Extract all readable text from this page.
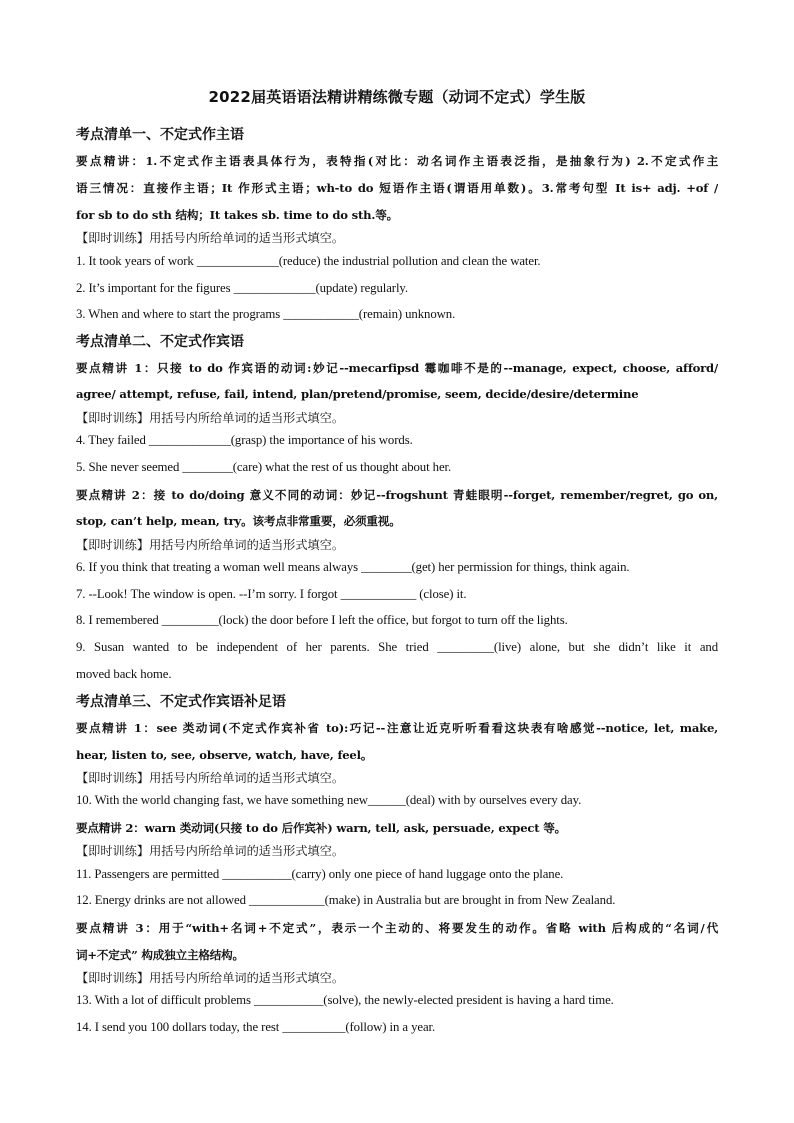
2022届英语语法精讲精练微专题（动词不定式）学生版
考点清单一、不定式作主语
要点精讲：1.不定式作主语表具体行为，表特指(对比：动名词作主语表泛指，是抽象行为) 2.不定式作主
语三情况：直接作主语；It 作形式主语；wh-to do 短语作主语(谓语用单数)。3.常考句型 It is+ adj. +of /
for sb to do sth 结构；It takes sb. time to do sth.等。
【即时训练】用括号内所给单词的适当形式填空。
1. It took years of work _____________(reduce) the industrial pollution and clean the water.
2. It’s important for the figures _____________(update) regularly.
3. When and where to start the programs ____________(remain) unknown.
考点清单二、不定式作宾语
要点精讲 1：只接 to do 作宾语的动词:妙记--mecarfipsd 霉咖啡不是的--manage, expect, choose, afford/
agree/ attempt, refuse, fail, intend, plan/pretend/promise, seem, decide/desire/determine
【即时训练】用括号内所给单词的适当形式填空。
4. They failed _____________(grasp) the importance of his words.
5. She never seemed ________(care) what the rest of us thought about her.
要点精讲 2：接 to do/doing 意义不同的动词：妙记--frogshunt 青蛙眼明--forget, remember/regret, go on,
stop, can’t help, mean, try。该考点非常重要，必须重视。
【即时训练】用括号内所给单词的适当形式填空。
6. If you think that treating a woman well means always ________(get) her permission for things, think again.
7. --Look! The window is open. --I’m sorry. I forgot ____________ (close) it.
8. I remembered _________(lock) the door before I left the office, but forgot to turn off the lights.
9. Susan wanted to be independent of her parents. She tried _________(live) alone, but she didn’t like it and
moved back home.
考点清单三、不定式作宾语补足语
要点精讲 1：see 类动词(不定式作宾补省 to):巧记--注意让近克听听看看这块表有啥感觉--notice, let, make,
hear, listen to, see, observe, watch, have, feel。
【即时训练】用括号内所给单词的适当形式填空。
10. With the world changing fast, we have something new______(deal) with by ourselves every day.
要点精讲 2：warn 类动词(只接 to do 后作宾补) warn, tell, ask, persuade, expect 等。
【即时训练】用括号内所给单词的适当形式填空。
11. Passengers are permitted ___________(carry) only one piece of hand luggage onto the plane.
12. Energy drinks are not allowed ____________(make) in Australia but are brought in from New Zealand.
要点精讲 3：用于“with+名词+不定式”，表示一个主动的、将要发生的动作。省略 with 后构成的“名词/代
词+不定式” 构成独立主格结构。
【即时训练】用括号内所给单词的适当形式填空。
13. With a lot of difficult problems ___________(solve), the newly-elected president is having a hard time.
14. I send you 100 dollars today, the rest __________(follow) in a year.
